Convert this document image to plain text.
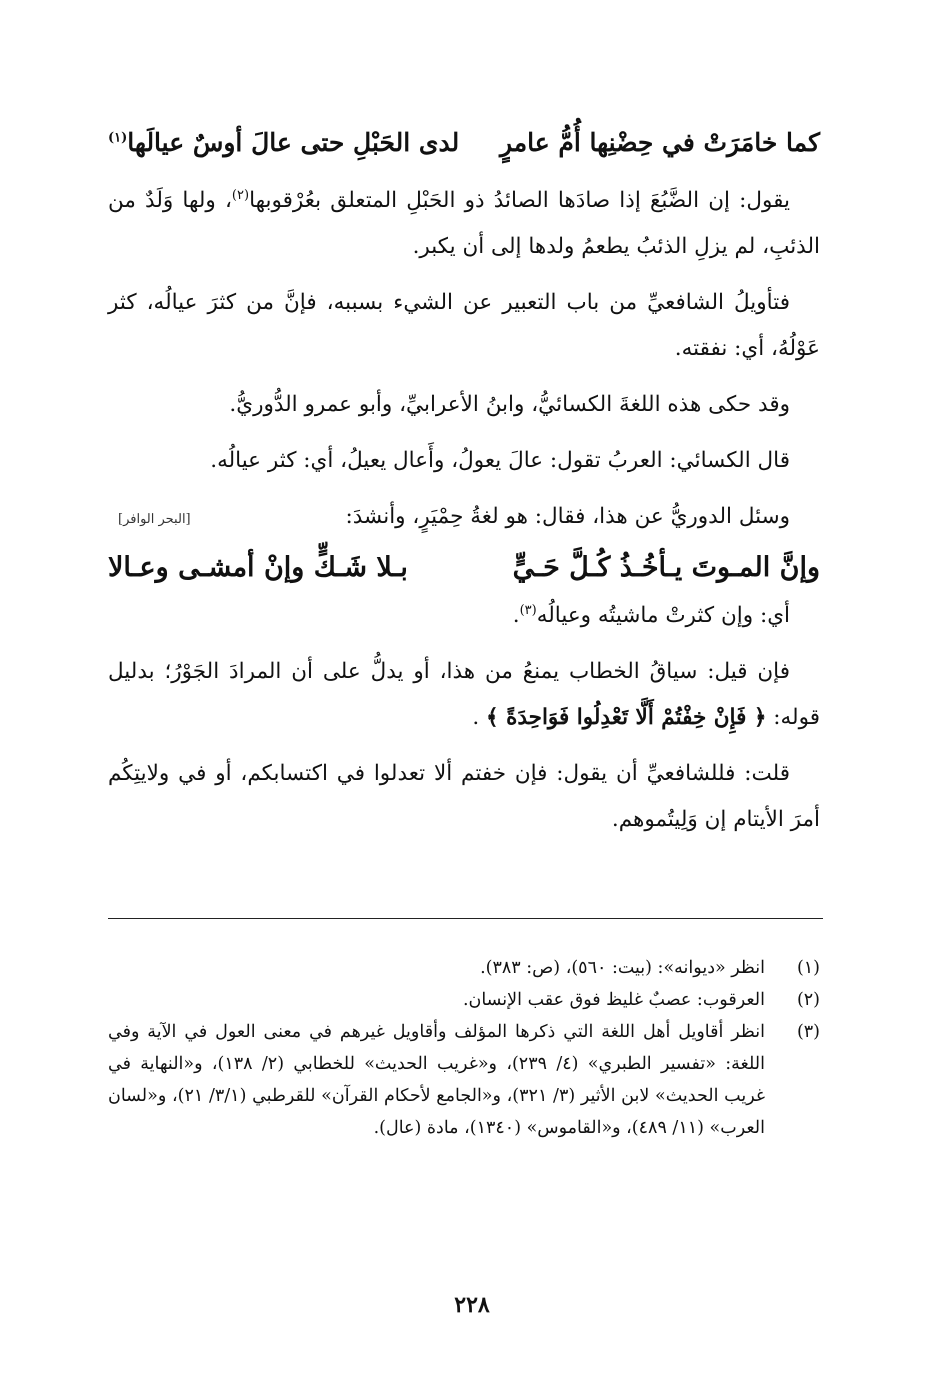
كما خامَرَتْ في حِضْنِها أُمُّ عامرٍ
لدى الحَبْلِ حتى عالَ أوسٌ عيالَها$^{(١)}$

يقول: إن الضَّبُعَ إذا صادَها الصائدُ ذو الحَبْلِ المتعلق بعُرْقوبها$^{(٢)}$، ولها وَلَدٌ من الذئبِ، لم يزلِ الذئبُ يطعمُ ولدها إلى أن يكبر.

فتأويلُ الشافعيِّ من باب التعبير عن الشيء بسببه، فإنَّ من كثرَ عيالُه، كثر عَوْلُهُ، أي: نفقته.

وقد حكى هذه اللغةَ الكسائيُّ، وابنُ الأعرابيِّ، وأبو عمرو الدُّوريُّ.

قال الكسائي: العربُ تقول: عالَ يعولُ، وأَعال يعيلُ، أي: كثر عيالُه.

وسئل الدوريُّ عن هذا، فقال: هو لغةُ حِمْيَرٍ، وأنشدَ:
[البحر الوافر]
وإنَّ المـوتَ يـأخُـذُ كُـلَّ حَـيٍّ
بـلا شَـكٍّ وإنْ أمشـى وعـالا

أي: وإن كثرتْ ماشيتُه وعيالُه$^{(٣)}$.

فإن قيل: سياقُ الخطاب يمنعُ من هذا، أو يدلُّ على أن المرادَ الجَوْرُ؛ بدليل قوله: ﴿ فَإِنْ خِفْتُمْ أَلَّا تَعْدِلُوا فَوَاحِدَةً ﴾ .

قلت: فللشافعيِّ أن يقول: فإن خفتم ألا تعدلوا في اكتسابكم، أو في ولايتِكُم أمرَ الأيتام إن وَلِيتُموهم.

(١)
انظر «ديوانه»: (بيت: ٥٦٠)، (ص: ٣٨٣).

(٢)
العرقوب: عصبٌ غليظ فوق عقب الإنسان.

(٣)
انظر أقاويل أهل اللغة التي ذكرها المؤلف وأقاويل غيرهم في معنى العول في الآية وفي اللغة: «تفسير الطبري» (٤/ ٢٣٩)، و«غريب الحديث» للخطابي (٢/ ١٣٨)، و«النهاية في غريب الحديث» لابن الأثير (٣/ ٣٢١)، و«الجامع لأحكام القرآن» للقرطبي (٣/١/ ٢١)، و«لسان العرب» (١١/ ٤٨٩)، و«القاموس» (١٣٤٠)، مادة (عال).

٢٢٨
